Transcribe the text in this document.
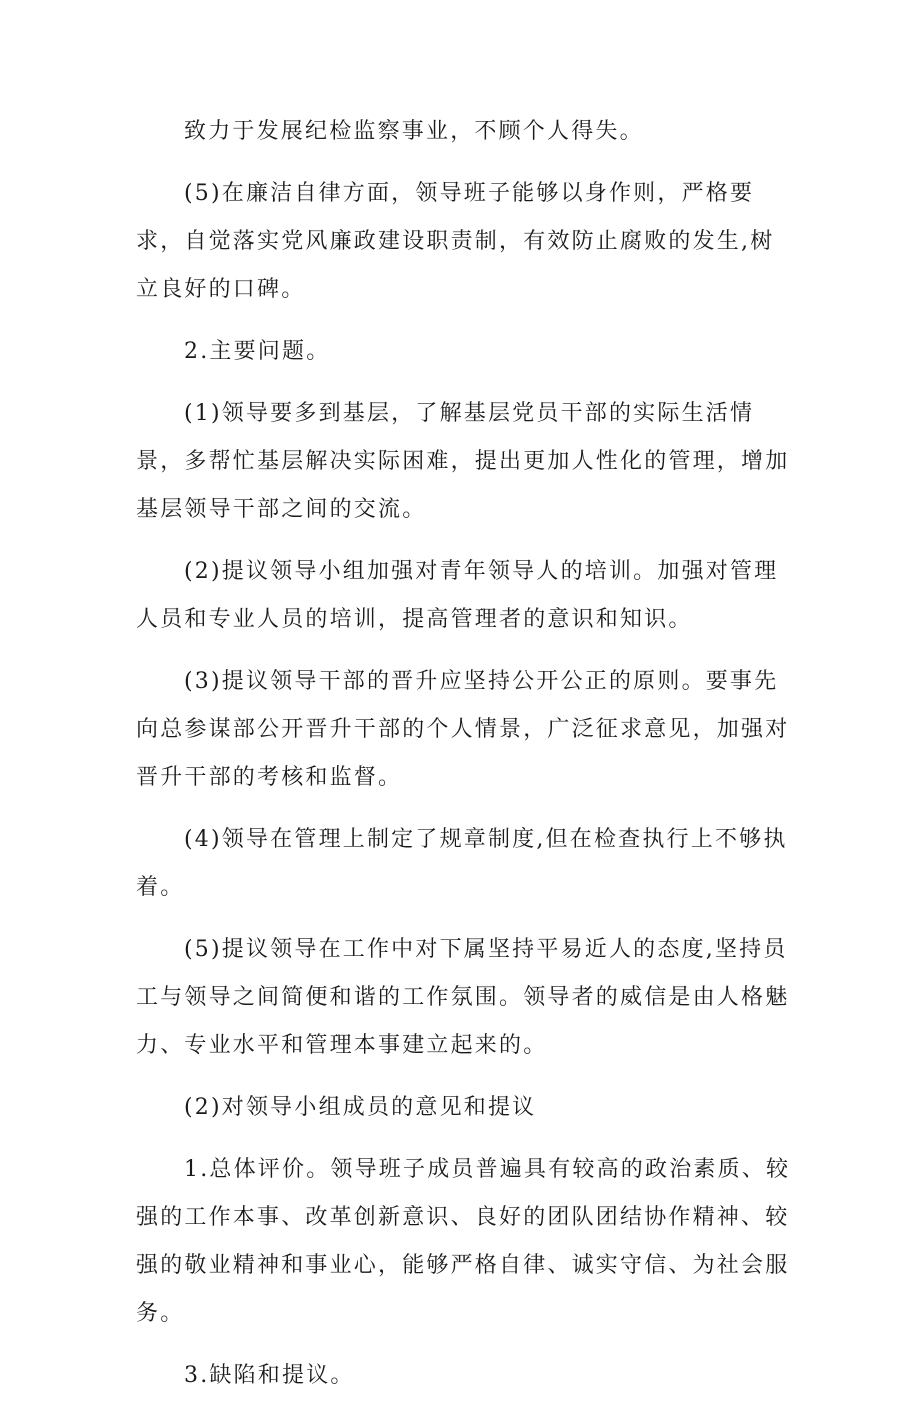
致力于发展纪检监察事业，不顾个人得失。

(5)在廉洁自律方面，领导班子能够以身作则，严格要求，自觉落实党风廉政建设职责制，有效防止腐败的发生,树立良好的口碑。

2.主要问题。

(1)领导要多到基层，了解基层党员干部的实际生活情景，多帮忙基层解决实际困难，提出更加人性化的管理，增加基层领导干部之间的交流。

(2)提议领导小组加强对青年领导人的培训。加强对管理人员和专业人员的培训，提高管理者的意识和知识。

(3)提议领导干部的晋升应坚持公开公正的原则。要事先向总参谋部公开晋升干部的个人情景，广泛征求意见，加强对晋升干部的考核和监督。

(4)领导在管理上制定了规章制度,但在检查执行上不够执着。

(5)提议领导在工作中对下属坚持平易近人的态度,坚持员工与领导之间简便和谐的工作氛围。领导者的威信是由人格魅力、专业水平和管理本事建立起来的。

(2)对领导小组成员的意见和提议

1.总体评价。领导班子成员普遍具有较高的政治素质、较强的工作本事、改革创新意识、良好的团队团结协作精神、较强的敬业精神和事业心，能够严格自律、诚实守信、为社会服务。

3.缺陷和提议。
